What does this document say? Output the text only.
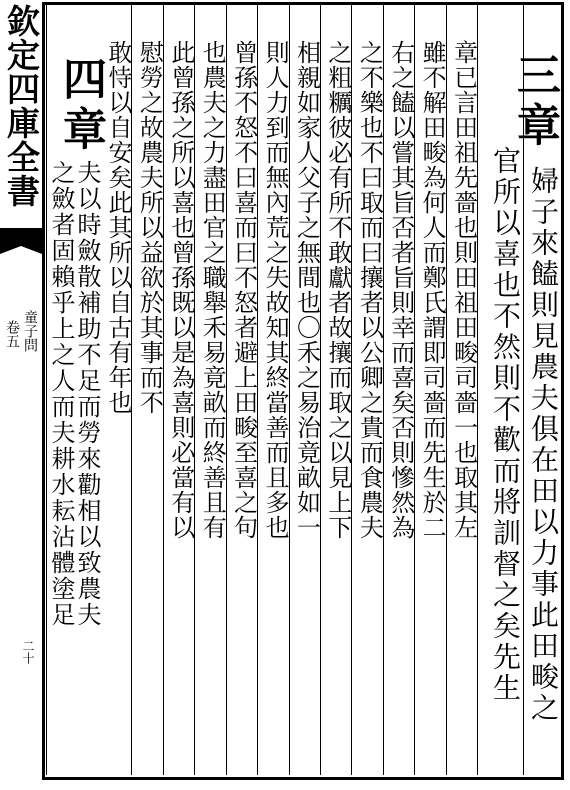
欽定四庫全書
卷五 童子問
二十
三章
婦子來饁則見農夫俱在田以力事此田畯之
官所以喜也不然則不歡而將訓督之矣先生
四章
夫以時斂散補助不足而勞來勸相以致農夫	章已言田祖先嗇也則田祖田畯司嗇一也取其左
雖不解田畯為何人而鄭氏謂即司嗇而先生於二
右之饁以嘗其旨否者旨則幸而喜矣否則慘然為
之不樂也不曰取而曰攘者以公卿之貴而食農夫
之粗糲彼必有所不敢獻者故攘而取之以見上下
相親如家人父子之無間也〇禾之易治竟畝如一
則人力到而無內荒之失故知其終當善而且多也
曾孫不怒不曰喜而曰不怒者避上田畯至喜之句
也農夫之力盡田官之職舉禾易竟畝而終善且有
此曾孫之所以喜也曾孫既以是為喜則必當有以
慰勞之故農夫所以益欲於其事而不
敢恃以自安矣此其所以自古有年也
之斂者固賴乎上之人而夫耕水耘沾體塗足
